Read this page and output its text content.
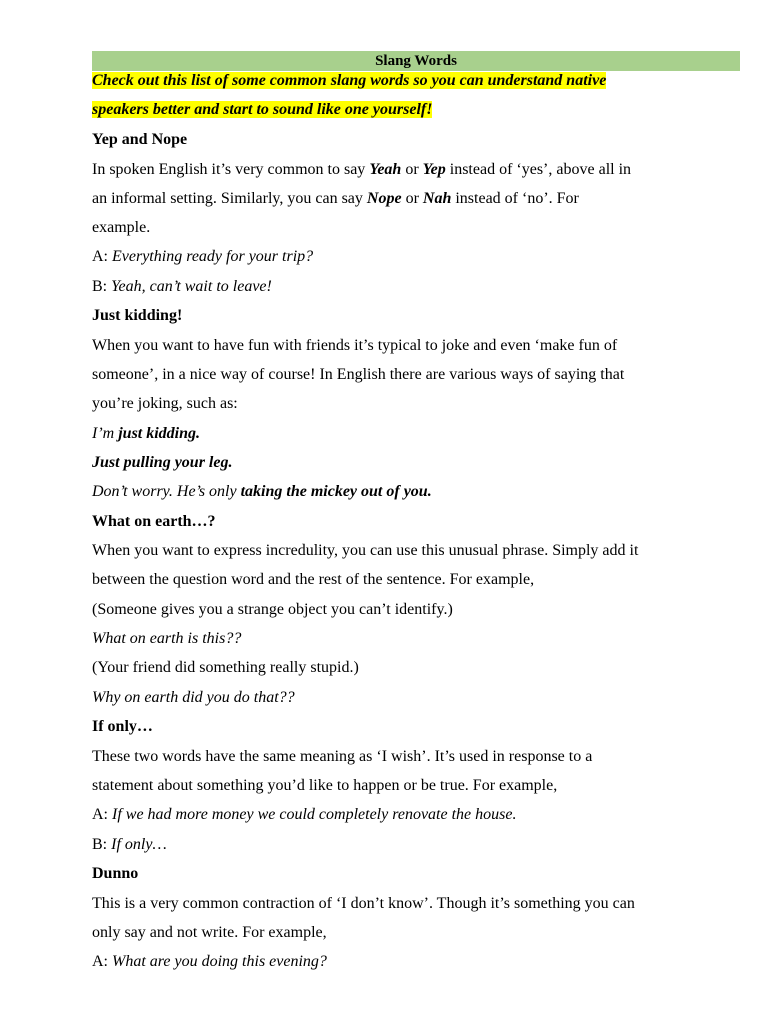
Slang Words
Check out this list of some common slang words so you can understand native
speakers better and start to sound like one yourself!
Yep and Nope
In spoken English it’s very common to say Yeah or Yep instead of ‘yes’, above all in
an informal setting. Similarly, you can say Nope or Nah instead of ‘no’. For
example.
A: Everything ready for your trip?
B: Yeah, can’t wait to leave!
Just kidding!
When you want to have fun with friends it’s typical to joke and even ‘make fun of
someone’, in a nice way of course! In English there are various ways of saying that
you’re joking, such as:
I’m just kidding.
Just pulling your leg.
Don’t worry. He’s only taking the mickey out of you.
What on earth…?
When you want to express incredulity, you can use this unusual phrase. Simply add it
between the question word and the rest of the sentence. For example,
(Someone gives you a strange object you can’t identify.)
What on earth is this??
(Your friend did something really stupid.)
Why on earth did you do that??
If only…
These two words have the same meaning as ‘I wish’. It’s used in response to a
statement about something you’d like to happen or be true. For example,
A: If we had more money we could completely renovate the house.
B: If only…
Dunno
This is a very common contraction of ‘I don’t know’. Though it’s something you can
only say and not write. For example,
A: What are you doing this evening?
